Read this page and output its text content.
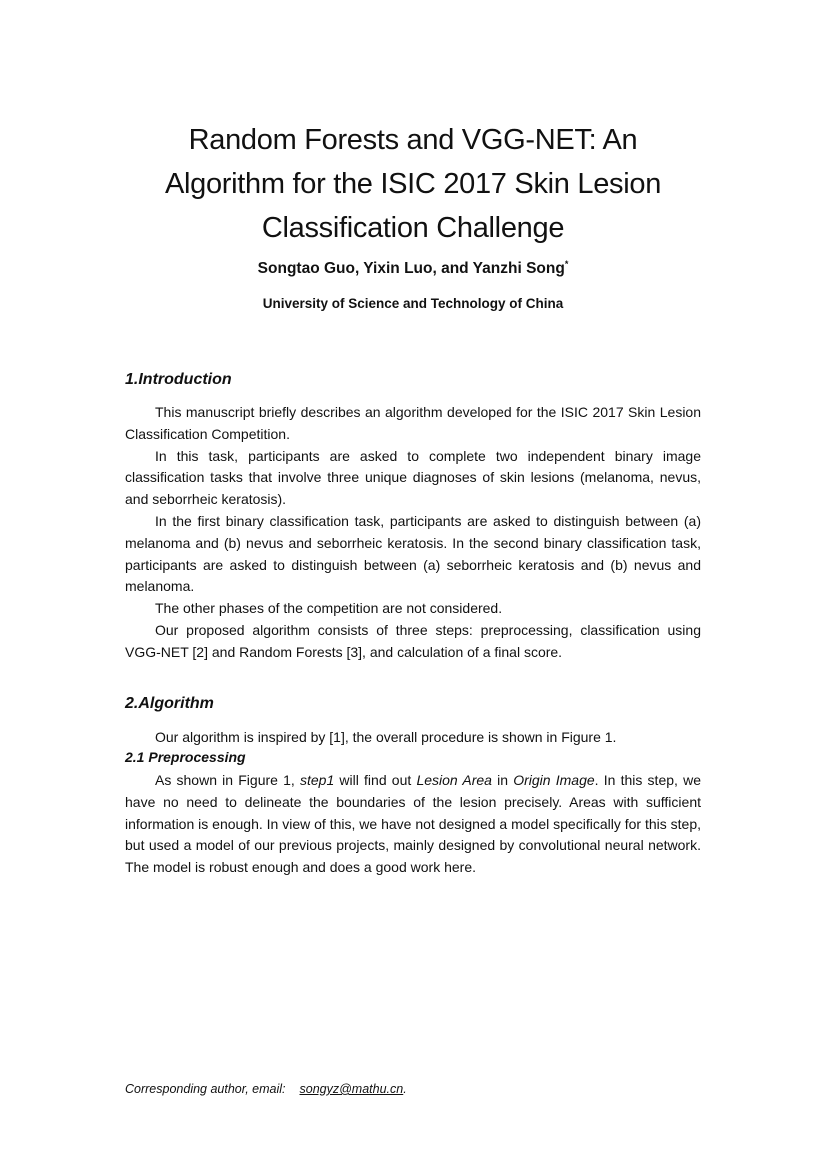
Random Forests and VGG-NET: An
Algorithm for the ISIC 2017 Skin Lesion
Classification Challenge

Songtao Guo, Yixin Luo, and Yanzhi Song*

University of Science and Technology of China

1.Introduction

This manuscript briefly describes an algorithm developed for the ISIC 2017 Skin Lesion Classification Competition.

In this task, participants are asked to complete two independent binary image classification tasks that involve three unique diagnoses of skin lesions (melanoma, nevus, and seborrheic keratosis).

In the first binary classification task, participants are asked to distinguish between (a) melanoma and (b) nevus and seborrheic keratosis. In the second binary classification task, participants are asked to distinguish between (a) seborrheic keratosis and (b) nevus and melanoma.

The other phases of the competition are not considered.

Our proposed algorithm consists of three steps: preprocessing, classification using VGG-NET [2] and Random Forests [3], and calculation of a final score.

2.Algorithm

Our algorithm is inspired by [1], the overall procedure is shown in Figure 1.

2.1 Preprocessing

As shown in Figure 1, step1 will find out Lesion Area in Origin Image. In this step, we have no need to delineate the boundaries of the lesion precisely. Areas with sufficient information is enough. In view of this, we have not designed a model specifically for this step, but used a model of our previous projects, mainly designed by convolutional neural network. The model is robust enough and does a good work here.

Corresponding author, email: songyz@mathu.cn.
